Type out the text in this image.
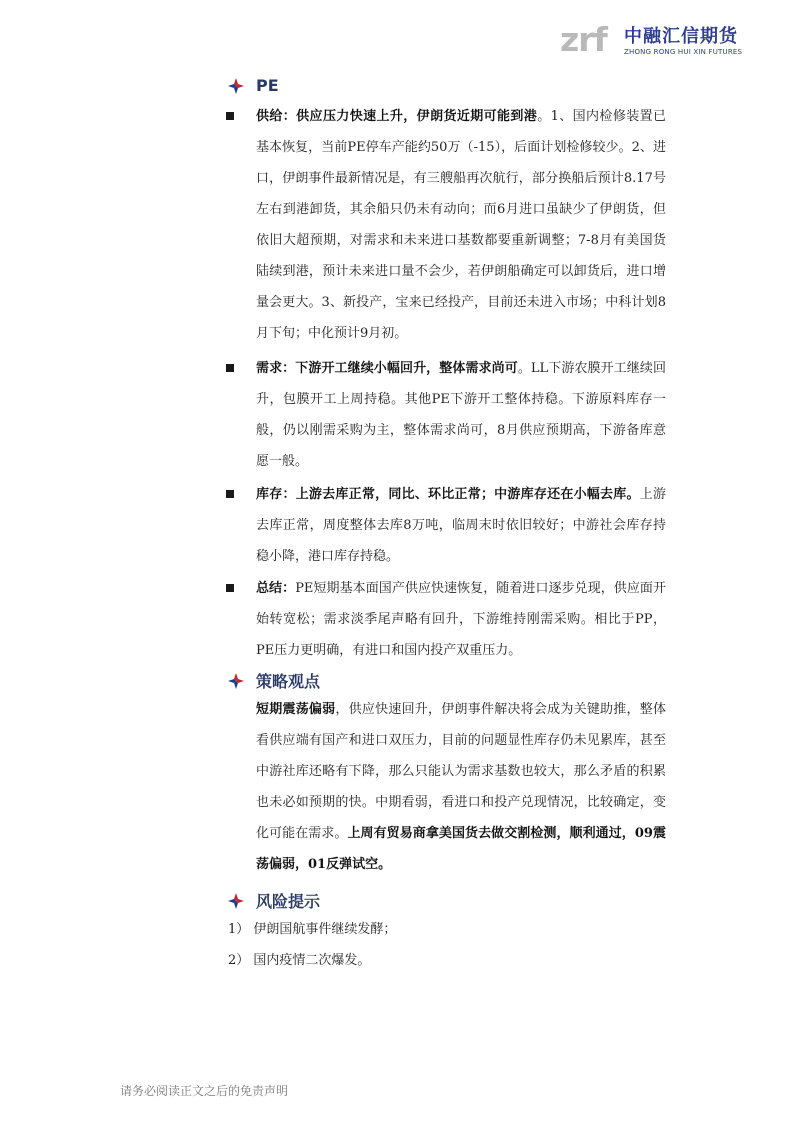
zrf 中融汇信期货
ZHONG RONG HUI XIN FUTURES
PE
供给：供应压力快速上升，伊朗货近期可能到港。1、国内检修装置已基本恢复，当前PE停车产能约50万（-15），后面计划检修较少。2、进口，伊朗事件最新情况是，有三艘船再次航行，部分换船后预计8.17号左右到港卸货，其余船只仍未有动向；而6月进口虽缺少了伊朗货，但依旧大超预期，对需求和未来进口基数都要重新调整；7-8月有美国货陆续到港，预计未来进口量不会少，若伊朗船确定可以卸货后，进口增量会更大。3、新投产，宝来已经投产，目前还未进入市场；中科计划8月下旬；中化预计9月初。
需求：下游开工继续小幅回升，整体需求尚可。LL下游农膜开工继续回升，包膜开工上周持稳。其他PE下游开工整体持稳。下游原料库存一般，仍以刚需采购为主，整体需求尚可，8月供应预期高，下游备库意愿一般。
库存：上游去库正常，同比、环比正常；中游库存还在小幅去库。上游去库正常，周度整体去库8万吨，临周末时依旧较好；中游社会库存持稳小降，港口库存持稳。
总结：PE短期基本面国产供应快速恢复，随着进口逐步兑现，供应面开始转宽松；需求淡季尾声略有回升，下游维持刚需采购。相比于PP，PE压力更明确，有进口和国内投产双重压力。
策略观点
短期震荡偏弱，供应快速回升，伊朗事件解决将会成为关键助推，整体看供应端有国产和进口双压力，目前的问题显性库存仍未见累库，甚至中游社库还略有下降，那么只能认为需求基数也较大，那么矛盾的积累也未必如预期的快。中期看弱，看进口和投产兑现情况，比较确定，变化可能在需求。上周有贸易商拿美国货去做交割检测，顺利通过，09震荡偏弱，01反弹试空。
风险提示
1） 伊朗国航事件继续发酵；
2） 国内疫情二次爆发。
请务必阅读正文之后的免责声明
